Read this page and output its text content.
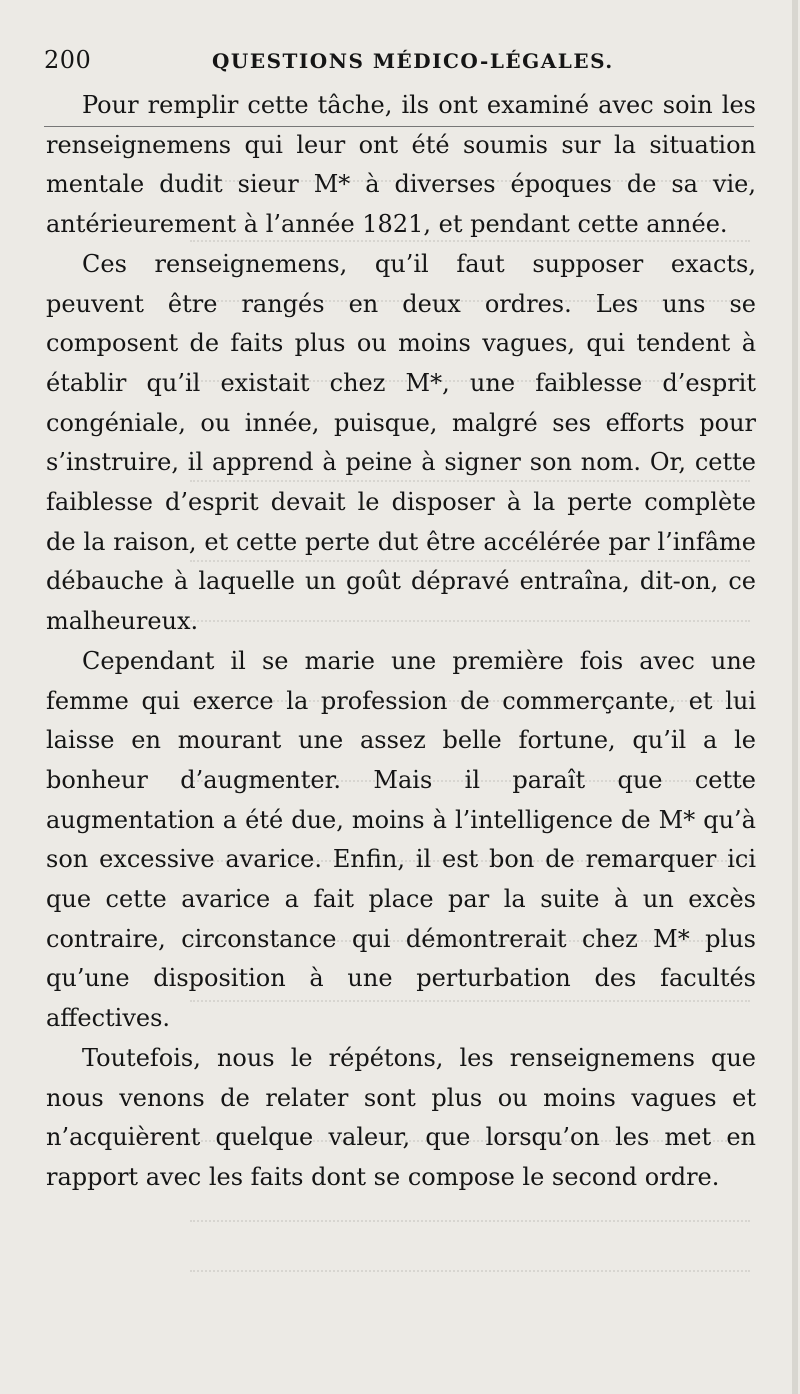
200	QUESTIONS MÉDICO-LÉGALES.

Pour remplir cette tâche, ils ont examiné avec soin les renseignemens qui leur ont été soumis sur la situation mentale dudit sieur M* à diverses époques de sa vie, antérieurement à l’année 1821, et pendant cette année.

Ces renseignemens, qu’il faut supposer exacts, peuvent être rangés en deux ordres. Les uns se composent de faits plus ou moins vagues, qui tendent à établir qu’il existait chez M*, une faiblesse d’esprit congéniale, ou innée, puisque, malgré ses efforts pour s’instruire, il apprend à peine à signer son nom. Or, cette faiblesse d’esprit devait le disposer à la perte complète de la raison, et cette perte dut être accélérée par l’infâme débauche à laquelle un goût dépravé entraîna, dit-on, ce malheureux.

Cependant il se marie une première fois avec une femme qui exerce la profession de commerçante, et lui laisse en mourant une assez belle fortune, qu’il a le bonheur d’augmenter. Mais il paraît que cette augmentation a été due, moins à l’intelligence de M* qu’à son excessive avarice. Enfin, il est bon de remarquer ici que cette avarice a fait place par la suite à un excès contraire, circonstance qui démontrerait chez M* plus qu’une disposition à une perturbation des facultés affectives.

Toutefois, nous le répétons, les renseignemens que nous venons de relater sont plus ou moins vagues et n’acquièrent quelque valeur, que lorsqu’on les met en rapport avec les faits dont se compose le second ordre.
